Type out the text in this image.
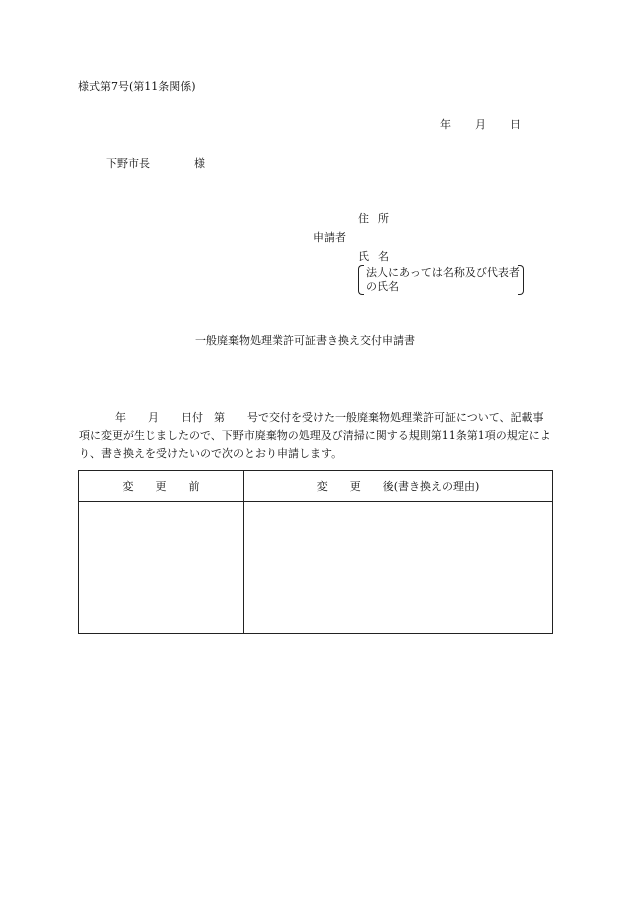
様式第7号(第11条関係)
年 月 日
下野市長	様
住所
申請者
氏名
法人にあっては名称及び代表者の氏名
一般廃棄物処理業許可証書き換え交付申請書
年　　月　　日付　第　　号で交付を受けた一般廃棄物処理業許可証について、記載事項に変更が生じましたので、下野市廃棄物の処理及び清掃に関する規則第11条第1項の規定により、書き換えを受けたいので次のとおり申請します。
変　　更　　前	変　　更　　後(書き換えの理由)
